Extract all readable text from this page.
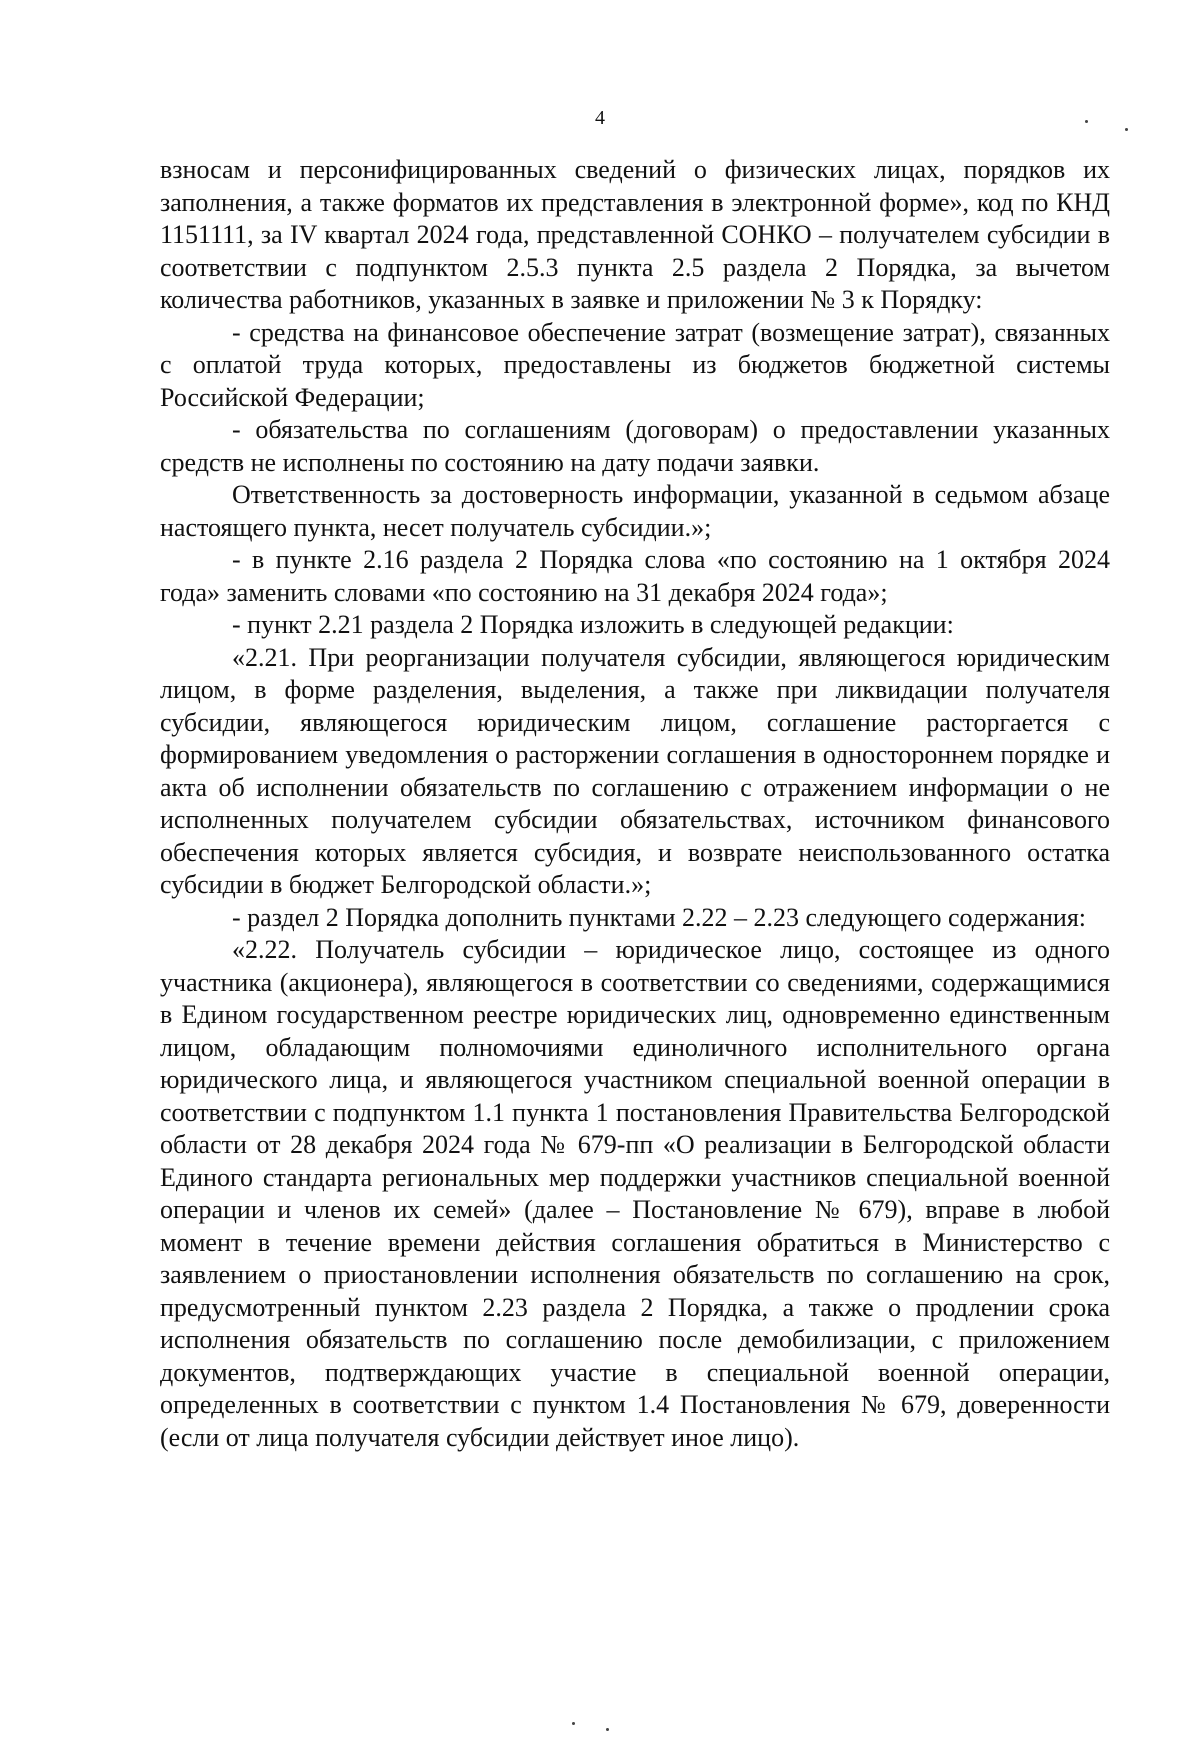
4

взносам и персонифицированных сведений о физических лицах, порядков их заполнения, а также форматов их представления в электронной форме», код по КНД 1151111, за IV квартал 2024 года, представленной СОНКО – получателем субсидии в соответствии с подпунктом 2.5.3 пункта 2.5 раздела 2 Порядка, за вычетом количества работников, указанных в заявке и приложении № 3 к Порядку:

- средства на финансовое обеспечение затрат (возмещение затрат), связанных с оплатой труда которых, предоставлены из бюджетов бюджетной системы Российской Федерации;

- обязательства по соглашениям (договорам) о предоставлении указанных средств не исполнены по состоянию на дату подачи заявки.

Ответственность за достоверность информации, указанной в седьмом абзаце настоящего пункта, несет получатель субсидии.»;

- в пункте 2.16 раздела 2 Порядка слова «по состоянию на 1 октября 2024 года» заменить словами «по состоянию на 31 декабря 2024 года»;

- пункт 2.21 раздела 2 Порядка изложить в следующей редакции:

«2.21. При реорганизации получателя субсидии, являющегося юридическим лицом, в форме разделения, выделения, а также при ликвидации получателя субсидии, являющегося юридическим лицом, соглашение расторгается с формированием уведомления о расторжении соглашения в одностороннем порядке и акта об исполнении обязательств по соглашению с отражением информации о не исполненных получателем субсидии обязательствах, источником финансового обеспечения которых является субсидия, и возврате неиспользованного остатка субсидии в бюджет Белгородской области.»;

- раздел 2 Порядка дополнить пунктами 2.22 – 2.23 следующего содержания:

«2.22. Получатель субсидии – юридическое лицо, состоящее из одного участника (акционера), являющегося в соответствии со сведениями, содержащимися в Едином государственном реестре юридических лиц, одновременно единственным лицом, обладающим полномочиями единоличного исполнительного органа юридического лица, и являющегося участником специальной военной операции в соответствии с подпунктом 1.1 пункта 1 постановления Правительства Белгородской области от 28 декабря 2024 года № 679-пп «О реализации в Белгородской области Единого стандарта региональных мер поддержки участников специальной военной операции и членов их семей» (далее – Постановление № 679), вправе в любой момент в течение времени действия соглашения обратиться в Министерство с заявлением о приостановлении исполнения обязательств по соглашению на срок, предусмотренный пунктом 2.23 раздела 2 Порядка, а также о продлении срока исполнения обязательств по соглашению после демобилизации, с приложением документов, подтверждающих участие в специальной военной операции, определенных в соответствии с пунктом 1.4 Постановления № 679, доверенности (если от лица получателя субсидии действует иное лицо).
